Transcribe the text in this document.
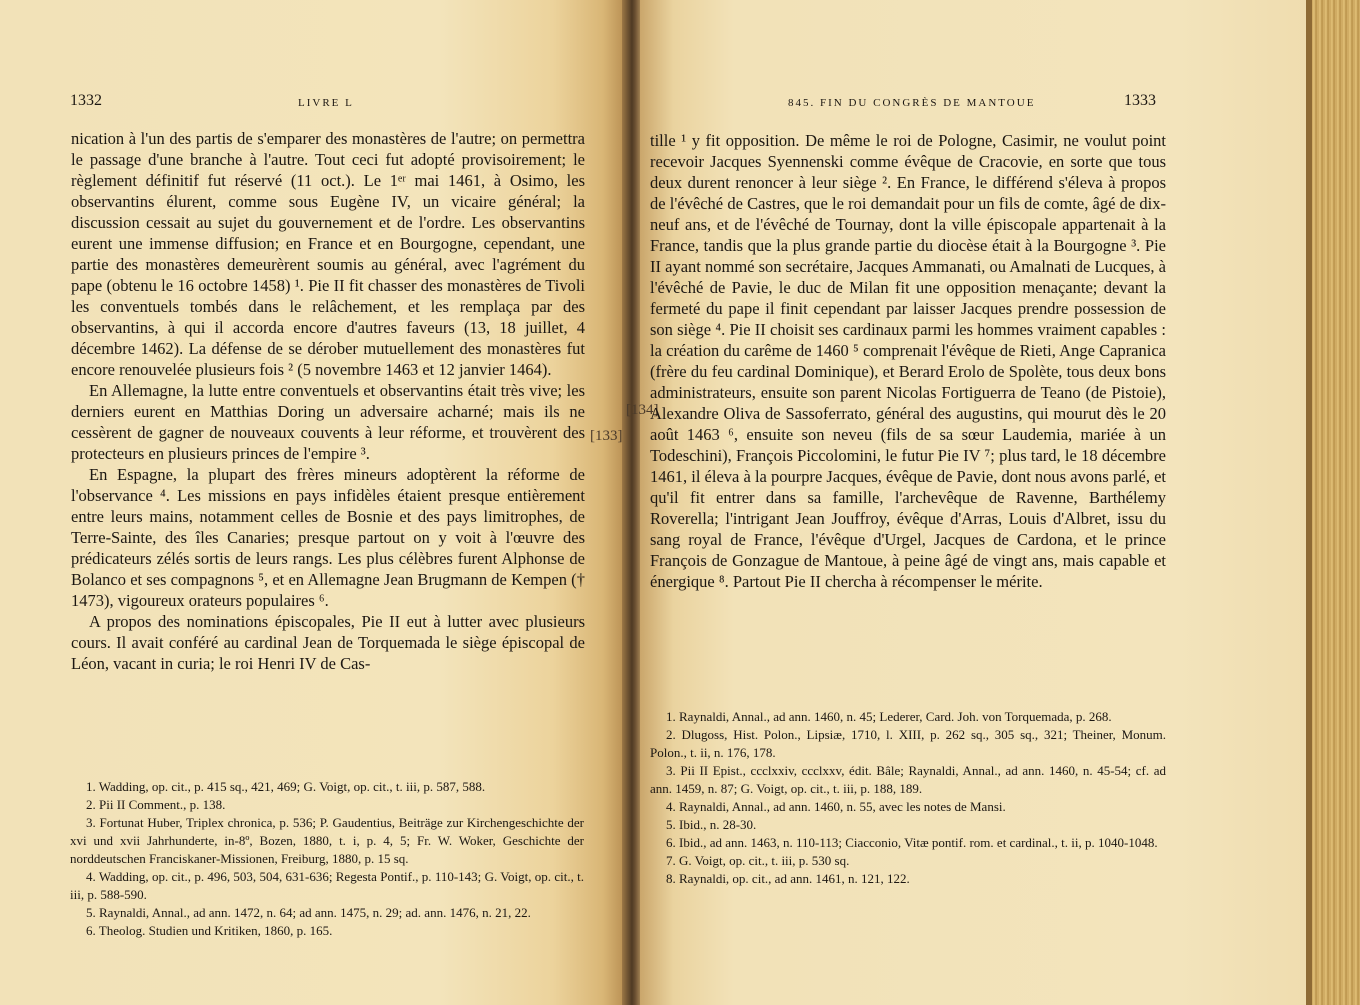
1332	LIVRE L

nication à l'un des partis de s'emparer des monastères de l'autre; on permettra le passage d'une branche à l'autre. Tout ceci fut adopté provisoirement; le règlement définitif fut réservé (11 oct.). Le 1ᵉʳ mai 1461, à Osimo, les observantins élurent, comme sous Eugène IV, un vicaire général; la discussion cessait au sujet du gouvernement et de l'ordre. Les observantins eurent une immense diffusion; en France et en Bourgogne, cependant, une partie des monastères demeurèrent soumis au général, avec l'agrément du pape (obtenu le 16 octobre 1458) ¹. Pie II fit chasser des monastères de Tivoli les conventuels tombés dans le relâchement, et les remplaça par des observantins, à qui il accorda encore d'autres faveurs (13, 18 juillet, 4 décembre 1462). La défense de se dérober mutuellement des monastères fut encore renouvelée plusieurs fois ² (5 novembre 1463 et 12 janvier 1464).

En Allemagne, la lutte entre conventuels et observantins était très vive; les derniers eurent en Matthias Doring un adversaire acharné; mais ils ne cessèrent de gagner de nouveaux couvents à leur réforme, et trouvèrent des protecteurs en plusieurs princes de l'empire ³.

En Espagne, la plupart des frères mineurs adoptèrent la réforme de l'observance ⁴. Les missions en pays infidèles étaient presque entièrement entre leurs mains, notamment celles de Bosnie et des pays limitrophes, de Terre-Sainte, des îles Canaries; presque partout on y voit à l'œuvre des prédicateurs zélés sortis de leurs rangs. Les plus célèbres furent Alphonse de Bolanco et ses compagnons ⁵, et en Allemagne Jean Brugmann de Kempen († 1473), vigoureux orateurs populaires ⁶.

A propos des nominations épiscopales, Pie II eut à lutter avec plusieurs cours. Il avait conféré au cardinal Jean de Torquemada le siège épiscopal de Léon, vacant in curia; le roi Henri IV de Cas-

1. Wadding, op. cit., p. 415 sq., 421, 469; G. Voigt, op. cit., t. iii, p. 587, 588.

2. Pii II Comment., p. 138.

3. Fortunat Huber, Triplex chronica, p. 536; P. Gaudentius, Beiträge zur Kirchengeschichte der xvi und xvii Jahrhunderte, in-8º, Bozen, 1880, t. i, p. 4, 5; Fr. W. Woker, Geschichte der norddeutschen Franciskaner-Missionen, Freiburg, 1880, p. 15 sq.

4. Wadding, op. cit., p. 496, 503, 504, 631-636; Regesta Pontif., p. 110-143; G. Voigt, op. cit., t. iii, p. 588-590.

5. Raynaldi, Annal., ad ann. 1472, n. 64; ad ann. 1475, n. 29; ad. ann. 1476, n. 21, 22.

6. Theolog. Studien und Kritiken, 1860, p. 165.

[133]
[134]
845. FIN DU CONGRÈS DE MANTOUE	1333

tille ¹ y fit opposition. De même le roi de Pologne, Casimir, ne voulut point recevoir Jacques Syennenski comme évêque de Cracovie, en sorte que tous deux durent renoncer à leur siège ². En France, le différend s'éleva à propos de l'évêché de Castres, que le roi demandait pour un fils de comte, âgé de dix-neuf ans, et de l'évêché de Tournay, dont la ville épiscopale appartenait à la France, tandis que la plus grande partie du diocèse était à la Bourgogne ³. Pie II ayant nommé son secrétaire, Jacques Ammanati, ou Amalnati de Lucques, à l'évêché de Pavie, le duc de Milan fit une opposition menaçante; devant la fermeté du pape il finit cependant par laisser Jacques prendre possession de son siège ⁴. Pie II choisit ses cardinaux parmi les hommes vraiment capables : la création du carême de 1460 ⁵ comprenait l'évêque de Rieti, Ange Capranica (frère du feu cardinal Dominique), et Berard Erolo de Spolète, tous deux bons administrateurs, ensuite son parent Nicolas Fortiguerra de Teano (de Pistoie), Alexandre Oliva de Sassoferrato, général des augustins, qui mourut dès le 20 août 1463 ⁶, ensuite son neveu (fils de sa sœur Laudemia, mariée à un Todeschini), François Piccolomini, le futur Pie IV ⁷; plus tard, le 18 décembre 1461, il éleva à la pourpre Jacques, évêque de Pavie, dont nous avons parlé, et qu'il fit entrer dans sa famille, l'archevêque de Ravenne, Barthélemy Roverella; l'intrigant Jean Jouffroy, évêque d'Arras, Louis d'Albret, issu du sang royal de France, l'évêque d'Urgel, Jacques de Cardona, et le prince François de Gonzague de Mantoue, à peine âgé de vingt ans, mais capable et énergique ⁸. Partout Pie II chercha à récompenser le mérite.

1. Raynaldi, Annal., ad ann. 1460, n. 45; Lederer, Card. Joh. von Torquemada, p. 268.

2. Dlugoss, Hist. Polon., Lipsiæ, 1710, l. XIII, p. 262 sq., 305 sq., 321; Theiner, Monum. Polon., t. ii, n. 176, 178.

3. Pii II Epist., ccclxxiv, ccclxxv, édit. Bâle; Raynaldi, Annal., ad ann. 1460, n. 45-54; cf. ad ann. 1459, n. 87; G. Voigt, op. cit., t. iii, p. 188, 189.

4. Raynaldi, Annal., ad ann. 1460, n. 55, avec les notes de Mansi.

5. Ibid., n. 28-30.

6. Ibid., ad ann. 1463, n. 110-113; Ciacconio, Vitæ pontif. rom. et cardinal., t. ii, p. 1040-1048.

7. G. Voigt, op. cit., t. iii, p. 530 sq.

8. Raynaldi, op. cit., ad ann. 1461, n. 121, 122.
